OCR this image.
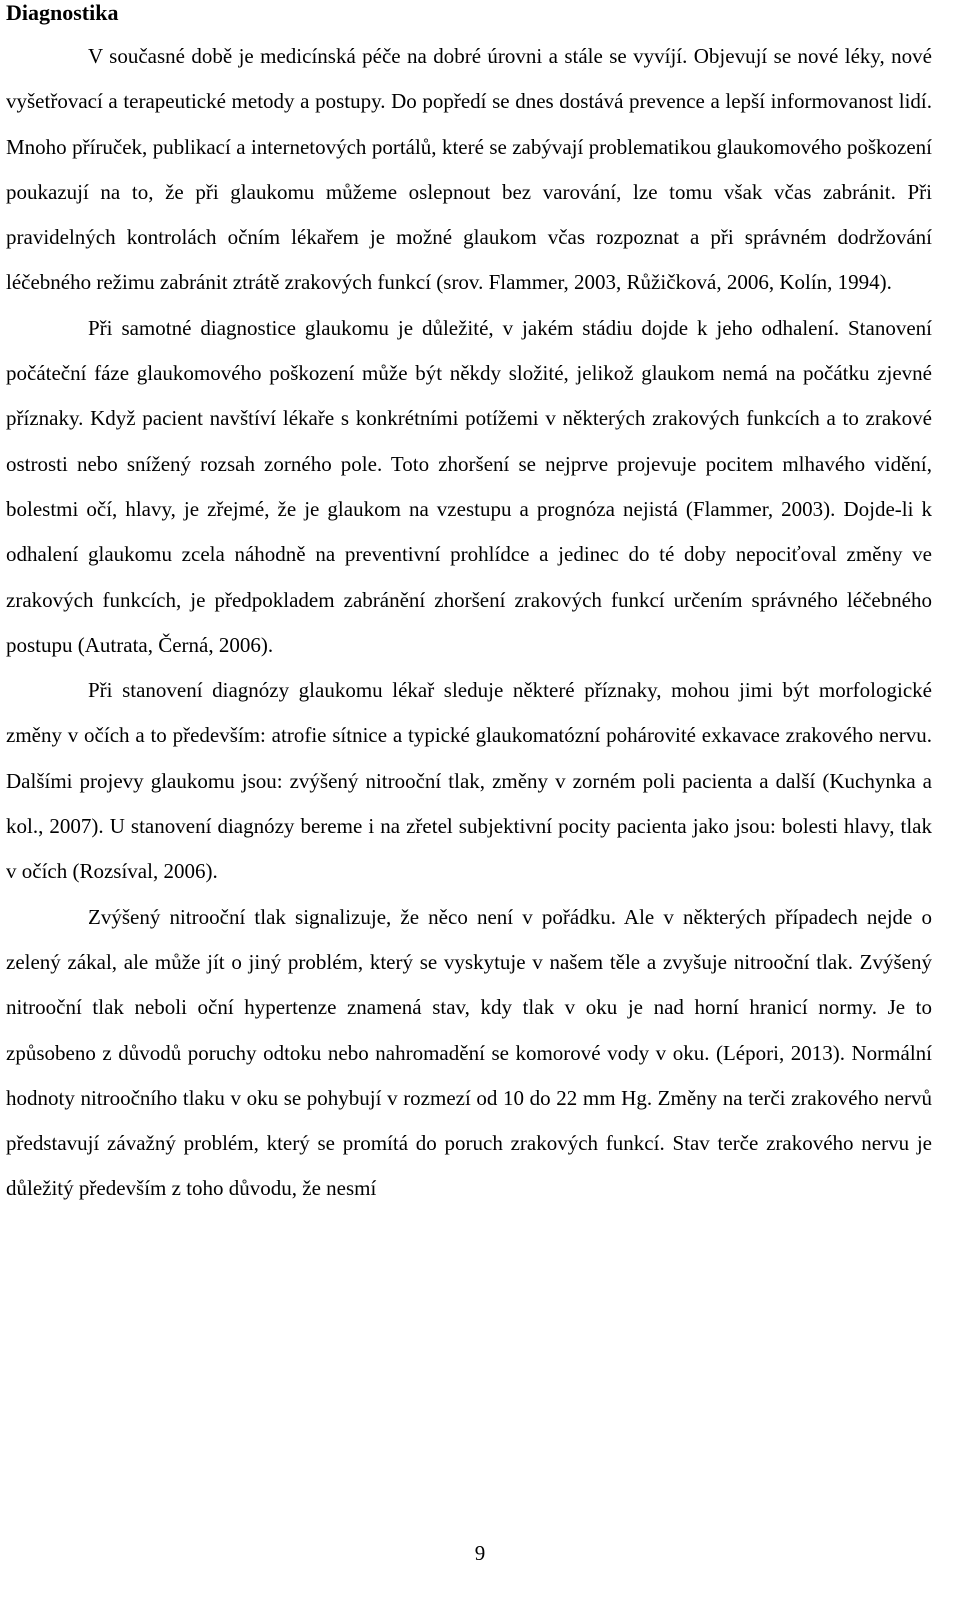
Diagnostika

V současné době je medicínská péče na dobré úrovni a stále se vyvíjí. Objevují se nové léky, nové vyšetřovací a terapeutické metody a postupy. Do popředí se dnes dostává prevence a lepší informovanost lidí. Mnoho příruček, publikací a internetových portálů, které se zabývají problematikou glaukomového poškození poukazují na to, že při glaukomu můžeme oslepnout bez varování, lze tomu však včas zabránit. Při pravidelných kontrolách očním lékařem je možné glaukom včas rozpoznat a při správném dodržování léčebného režimu zabránit ztrátě zrakových funkcí (srov. Flammer, 2003, Růžičková, 2006, Kolín, 1994).

Při samotné diagnostice glaukomu je důležité, v jakém stádiu dojde k jeho odhalení. Stanovení počáteční fáze glaukomového poškození může být někdy složité, jelikož glaukom nemá na počátku zjevné příznaky. Když pacient navštíví lékaře s konkrétními potížemi v některých zrakových funkcích a to zrakové ostrosti nebo snížený rozsah zorného pole. Toto zhoršení se nejprve projevuje pocitem mlhavého vidění, bolestmi očí, hlavy, je zřejmé, že je glaukom na vzestupu a prognóza nejistá (Flammer, 2003). Dojde-li k odhalení glaukomu zcela náhodně na preventivní prohlídce a jedinec do té doby nepociťoval změny ve zrakových funkcích, je předpokladem zabránění zhoršení zrakových funkcí určením správného léčebného postupu (Autrata, Černá, 2006).

Při stanovení diagnózy glaukomu lékař sleduje některé příznaky, mohou jimi být morfologické změny v očích a to především: atrofie sítnice a typické glaukomatózní pohárovité exkavace zrakového nervu. Dalšími projevy glaukomu jsou: zvýšený nitrooční tlak, změny v zorném poli pacienta a další (Kuchynka a kol., 2007). U stanovení diagnózy bereme i na zřetel subjektivní pocity pacienta jako jsou: bolesti hlavy, tlak v očích (Rozsíval, 2006).

Zvýšený nitrooční tlak signalizuje, že něco není v pořádku. Ale v některých případech nejde o zelený zákal, ale může jít o jiný problém, který se vyskytuje v našem těle a zvyšuje nitrooční tlak. Zvýšený nitrooční tlak neboli oční hypertenze znamená stav, kdy tlak v oku je nad horní hranicí normy. Je to způsobeno z důvodů poruchy odtoku nebo nahromadění se komorové vody v oku. (Lépori, 2013). Normální hodnoty nitroočního tlaku v oku se pohybují v rozmezí od 10 do 22 mm Hg. Změny na terči zrakového nervů představují závažný problém, který se promítá do poruch zrakových funkcí. Stav terče zrakového nervu je důležitý především z toho důvodu, že nesmí

9
